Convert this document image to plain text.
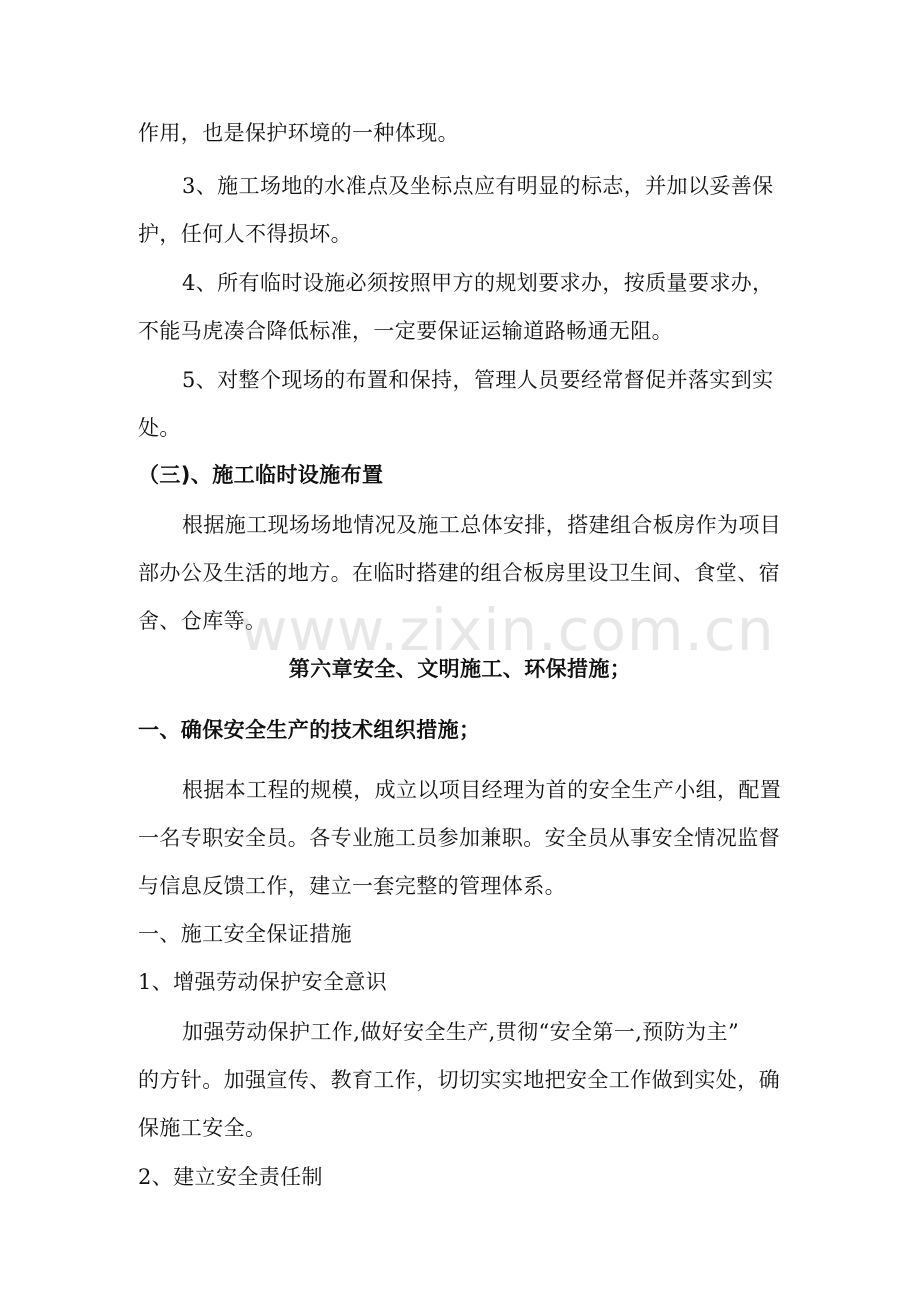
作用，也是保护环境的一种体现。
3、施工场地的水准点及坐标点应有明显的标志，并加以妥善保
护，任何人不得损坏。
4、所有临时设施必须按照甲方的规划要求办，按质量要求办，
不能马虎凑合降低标准，一定要保证运输道路畅通无阻。
5、对整个现场的布置和保持，管理人员要经常督促并落实到实
处。
（三)、施工临时设施布置
根据施工现场场地情况及施工总体安排，搭建组合板房作为项目
部办公及生活的地方。在临时搭建的组合板房里设卫生间、食堂、宿
舍、仓库等。
第六章安全、文明施工、环保措施；
一、确保安全生产的技术组织措施；
根据本工程的规模，成立以项目经理为首的安全生产小组，配置
一名专职安全员。各专业施工员参加兼职。安全员从事安全情况监督
与信息反馈工作，建立一套完整的管理体系。
一、施工安全保证措施
1、增强劳动保护安全意识
加强劳动保护工作,做好安全生产,贯彻“安全第一,预防为主”
的方针。加强宣传、教育工作，切切实实地把安全工作做到实处，确
保施工安全。
2、建立安全责任制
www.zixin.com.cn
